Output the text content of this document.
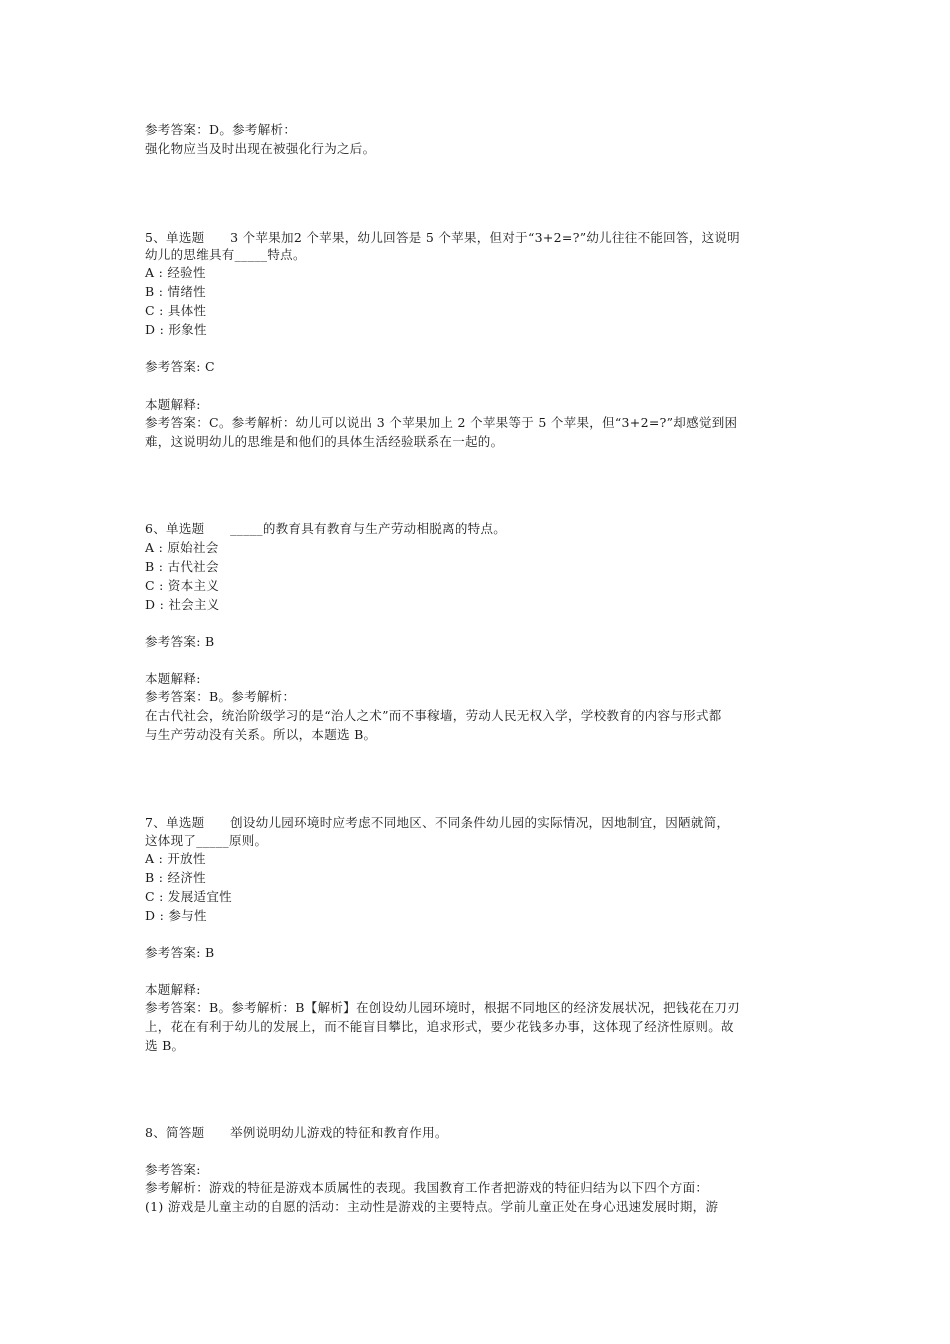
参考答案：D。参考解析：
强化物应当及时出现在被强化行为之后。
5、单选题      3 个苹果加2 个苹果，幼儿回答是 5 个苹果，但对于“3+2=?”幼儿往往不能回答，这说明
幼儿的思维具有_____特点。
A : 经验性
B : 情绪性
C : 具体性
D : 形象性
参考答案: C
本题解释:
参考答案：C。参考解析：幼儿可以说出 3 个苹果加上 2 个苹果等于 5 个苹果，但“3+2=?”却感觉到困
难，这说明幼儿的思维是和他们的具体生活经验联系在一起的。
6、单选题      _____的教育具有教育与生产劳动相脱离的特点。
A : 原始社会
B : 古代社会
C : 资本主义
D : 社会主义
参考答案: B
本题解释:
参考答案：B。参考解析：
在古代社会，统治阶级学习的是“治人之术”而不事稼墙，劳动人民无权入学，学校教育的内容与形式都
与生产劳动没有关系。所以，本题选 B。
7、单选题      创设幼儿园环境时应考虑不同地区、不同条件幼儿园的实际情况，因地制宜，因陋就简，
这体现了_____原则。
A : 开放性
B : 经济性
C : 发展适宜性
D : 参与性
参考答案: B
本题解释:
参考答案：B。参考解析：B【解析】在创设幼儿园环境时，根据不同地区的经济发展状况，把钱花在刀刃
上，花在有利于幼儿的发展上，而不能盲目攀比，追求形式，要少花钱多办事，这体现了经济性原则。故
选 B。
8、简答题      举例说明幼儿游戏的特征和教育作用。
参考答案:
参考解析：游戏的特征是游戏本质属性的表现。我国教育工作者把游戏的特征归结为以下四个方面：
(1) 游戏是儿童主动的自愿的活动：主动性是游戏的主要特点。学前儿童正处在身心迅速发展时期，游
